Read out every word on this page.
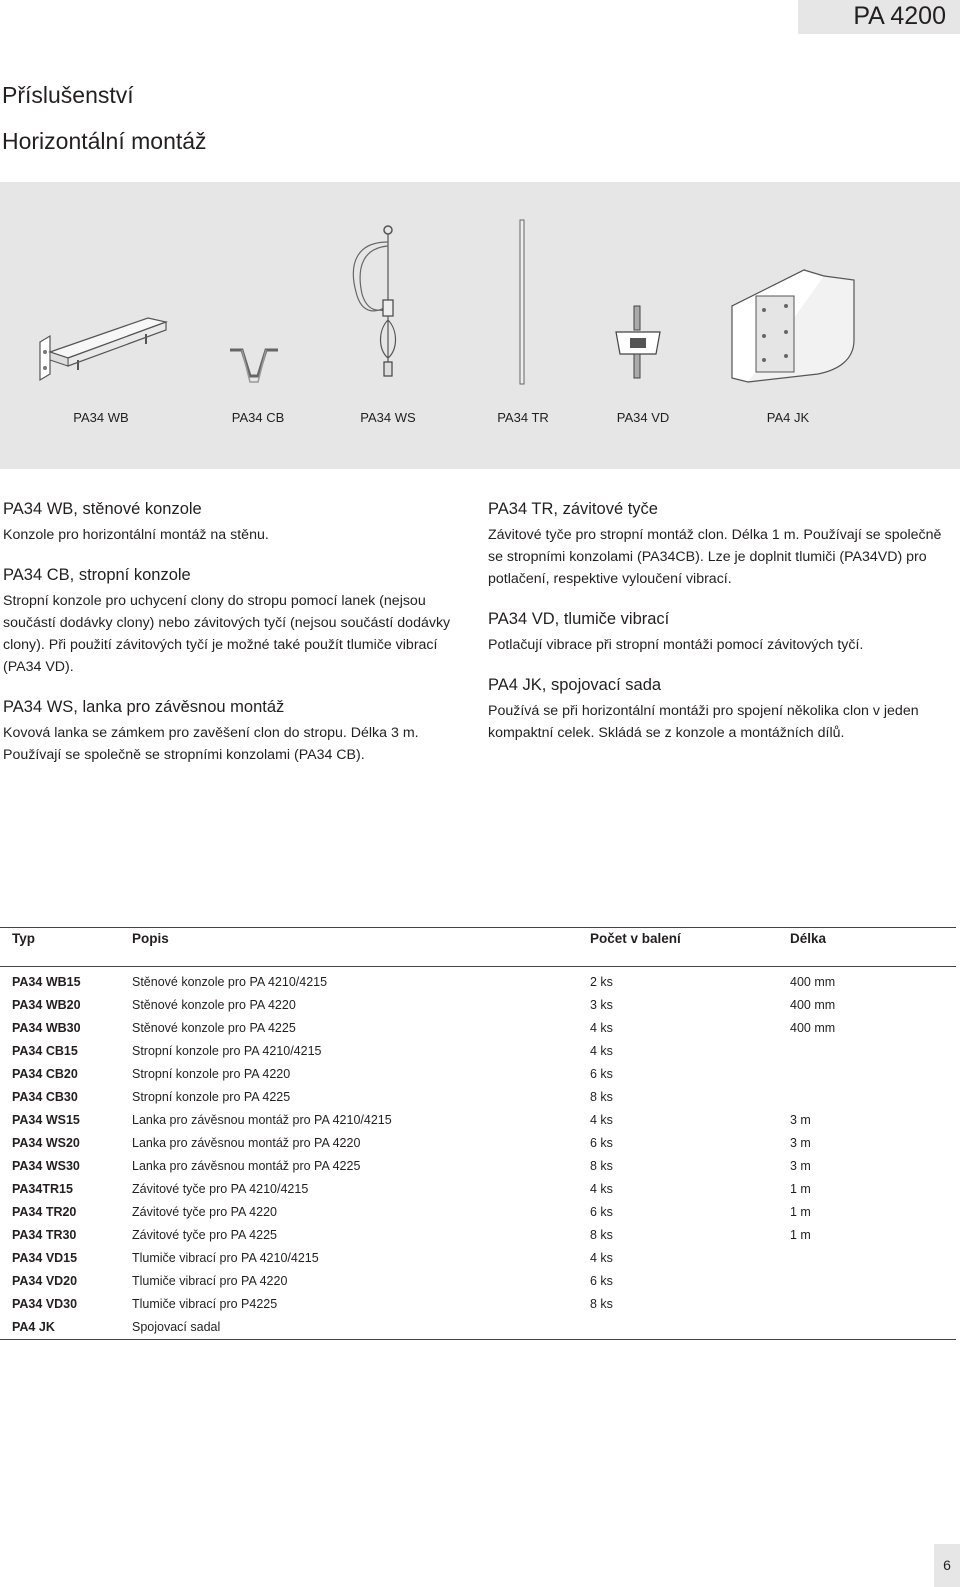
PA 4200
Příslušenství
Horizontální montáž
PA34 WB	PA34 CB	PA34 WS	PA34 TR	PA34 VD	PA4 JK
PA34 WB, stěnové konzole

Konzole pro horizontální montáž na stěnu.

PA34 CB, stropní konzole

Stropní konzole pro uchycení clony do stropu pomocí lanek (nejsou součástí dodávky clony) nebo závitových tyčí (nejsou součástí dodávky clony). Při použití závitových tyčí je možné také použít tlumiče vibrací (PA34 VD).

PA34 WS, lanka pro závěsnou montáž

Kovová lanka se zámkem pro zavěšení clon do stropu. Délka 3 m. Používají se společně se stropními konzolami (PA34 CB).

PA34 TR, závitové tyče

Závitové tyče pro stropní montáž clon. Délka 1 m. Používají se společně se stropními konzolami (PA34CB). Lze je doplnit tlumiči (PA34VD) pro potlačení, respektive vyloučení vibrací.

PA34 VD, tlumiče vibrací

Potlačují vibrace při stropní montáži pomocí závitových tyčí.

PA4 JK, spojovací sada

Používá se při horizontální montáži pro spojení několika clon v jeden kompaktní celek. Skládá se z konzole a montážních dílů.

Typ	Popis	Počet v balení	Délka
PA34 WB15	Stěnové konzole pro PA 4210/4215	2 ks	400 mm
PA34 WB20	Stěnové konzole pro PA 4220	3 ks	400 mm
PA34 WB30	Stěnové konzole pro PA 4225	4 ks	400 mm
PA34 CB15	Stropní konzole pro PA 4210/4215	4 ks	
PA34 CB20	Stropní konzole pro PA 4220	6 ks	
PA34 CB30	Stropní konzole pro PA 4225	8 ks	
PA34 WS15	Lanka pro závěsnou montáž pro PA 4210/4215	4 ks	3 m
PA34 WS20	Lanka pro závěsnou montáž pro PA 4220	6 ks	3 m
PA34 WS30	Lanka pro závěsnou montáž pro PA 4225	8 ks	3 m
PA34TR15	Závitové tyče pro PA 4210/4215	4 ks	1 m
PA34 TR20	Závitové tyče pro PA 4220	6 ks	1 m
PA34 TR30	Závitové tyče pro PA 4225	8 ks	1 m
PA34 VD15	Tlumiče vibrací pro PA 4210/4215	4 ks	
PA34 VD20	Tlumiče vibrací pro PA 4220	6 ks	
PA34 VD30	Tlumiče vibrací pro P4225	8 ks	
PA4 JK	Spojovací sadal		
6
